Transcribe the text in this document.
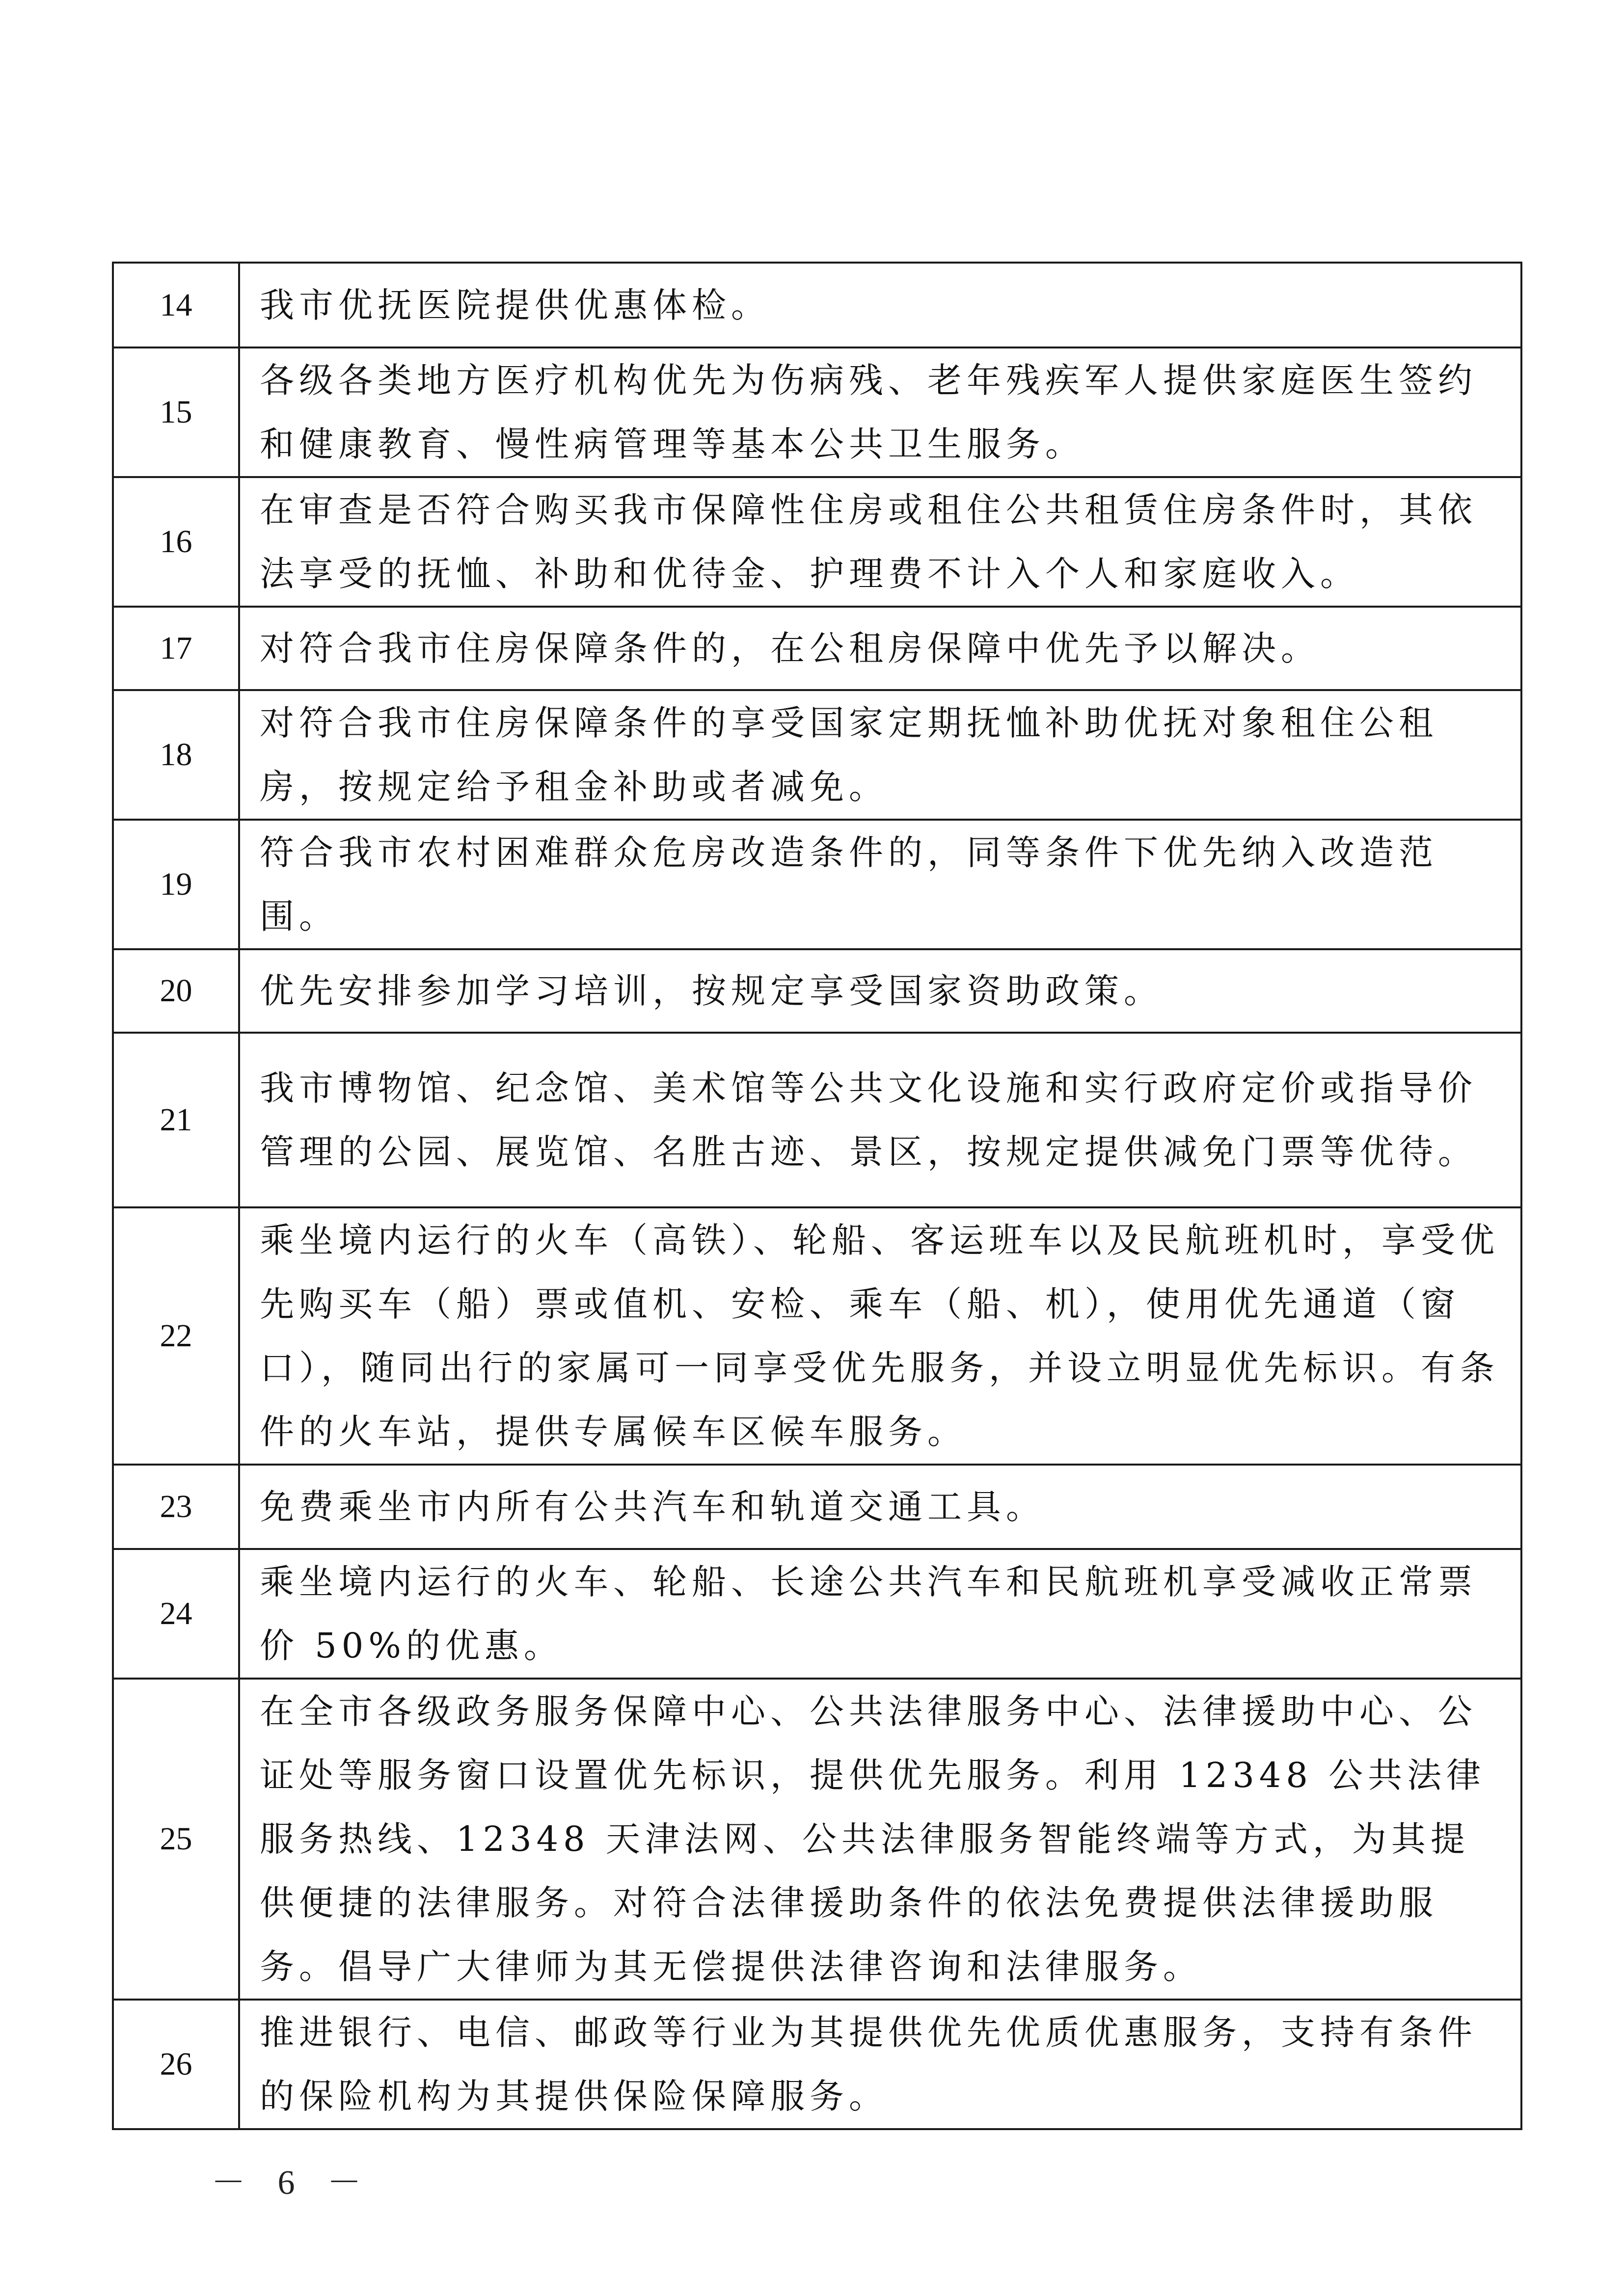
14	我市优抚医院提供优惠体检。

15	各级各类地方医疗机构优先为伤病残、老年残疾军人提供家庭医生签约和健康教育、慢性病管理等基本公共卫生服务。

16	在审查是否符合购买我市保障性住房或租住公共租赁住房条件时，其依法享受的抚恤、补助和优待金、护理费不计入个人和家庭收入。

17	对符合我市住房保障条件的，在公租房保障中优先予以解决。

18	对符合我市住房保障条件的享受国家定期抚恤补助优抚对象租住公租房，按规定给予租金补助或者减免。

19	符合我市农村困难群众危房改造条件的，同等条件下优先纳入改造范围。

20	优先安排参加学习培训，按规定享受国家资助政策。

21	我市博物馆、纪念馆、美术馆等公共文化设施和实行政府定价或指导价管理的公园、展览馆、名胜古迹、景区，按规定提供减免门票等优待。

22	乘坐境内运行的火车（高铁）、轮船、客运班车以及民航班机时，享受优先购买车（船）票或值机、安检、乘车（船、机），使用优先通道（窗口），随同出行的家属可一同享受优先服务，并设立明显优先标识。有条件的火车站，提供专属候车区候车服务。

23	免费乘坐市内所有公共汽车和轨道交通工具。

24	乘坐境内运行的火车、轮船、长途公共汽车和民航班机享受减收正常票价 50%的优惠。

25	在全市各级政务服务保障中心、公共法律服务中心、法律援助中心、公证处等服务窗口设置优先标识，提供优先服务。利用 12348 公共法律服务热线、12348 天津法网、公共法律服务智能终端等方式，为其提供便捷的法律服务。对符合法律援助条件的依法免费提供法律援助服务。倡导广大律师为其无偿提供法律咨询和法律服务。

26	推进银行、电信、邮政等行业为其提供优先优质优惠服务，支持有条件的保险机构为其提供保险保障服务。
－ 6 －
